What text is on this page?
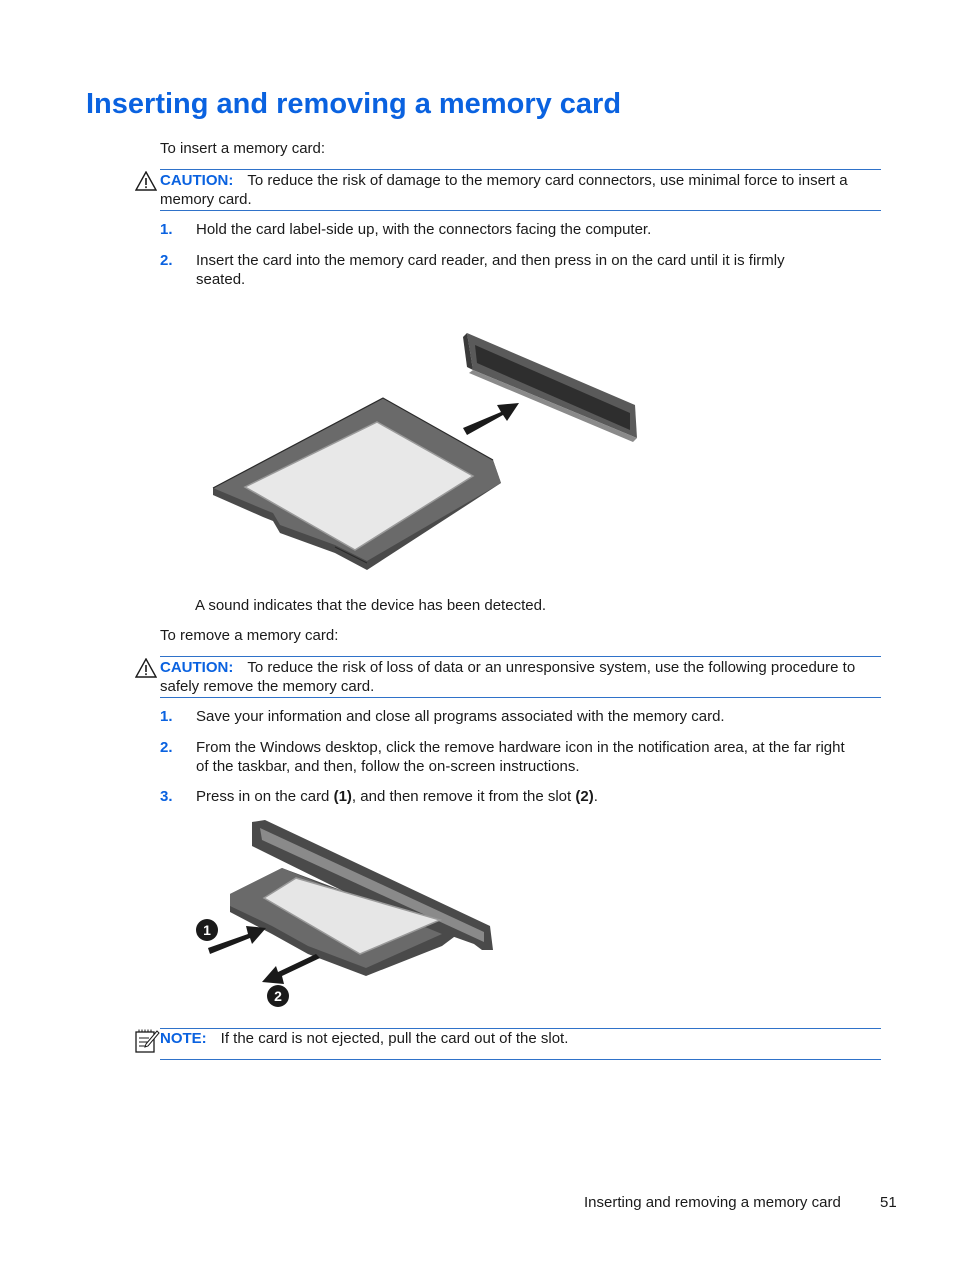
Inserting and removing a memory card
To insert a memory card:
CAUTION: To reduce the risk of damage to the memory card connectors, use minimal force to insert a memory card.
1. Hold the card label-side up, with the connectors facing the computer.
2. Insert the card into the memory card reader, and then press in on the card until it is firmly seated.
A sound indicates that the device has been detected.
To remove a memory card:
CAUTION: To reduce the risk of loss of data or an unresponsive system, use the following procedure to safely remove the memory card.
1. Save your information and close all programs associated with the memory card.
2. From the Windows desktop, click the remove hardware icon in the notification area, at the far right of the taskbar, and then, follow the on-screen instructions.
3. Press in on the card (1), and then remove it from the slot (2).
1
2
NOTE: If the card is not ejected, pull the card out of the slot.
Inserting and removing a memory card	51
